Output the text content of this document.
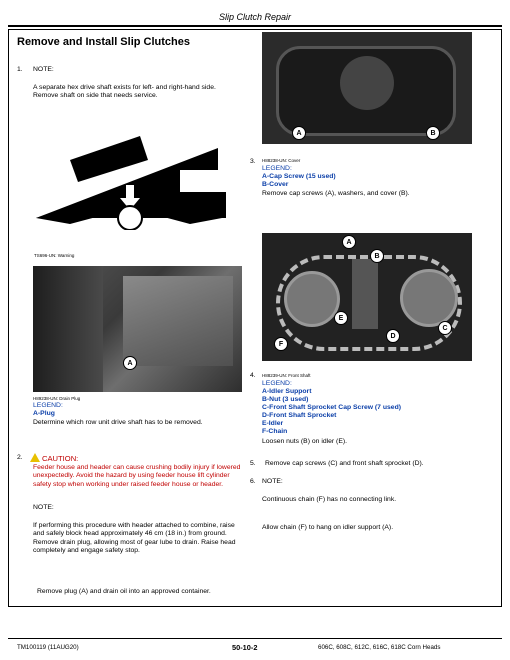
Slip Clutch Repair
Remove and Install Slip Clutches
1. NOTE:
A separate hex drive shaft exists for left- and right-hand side. Remove shaft on side that needs service.
TS696-UN: Warning
A
H89238-UN: Drain Plug
LEGEND:
A-Plug
Determine which row unit drive shaft has to be removed.
2.	CAUTION:
Feeder house and header can cause crushing bodily injury if lowered unexpectedly. Avoid the hazard by using feeder house lift cylinder safety stop when working under raised feeder house or header.
NOTE:
If performing this procedure with header attached to combine, raise and safely block head approximately 46 cm (18 in.) from ground. Remove drain plug, allowing most of gear lube to drain. Raise head completely and engage safety stop.
Remove plug (A) and drain oil into an approved container.
A	B
3. H88238-UN: Cover
LEGEND:
A-Cap Screw (15 used)
B-Cover
Remove cap screws (A), washers, and cover (B).
A
B
E
C
D
F
4. H88239-UN: Front Shaft
LEGEND:
A-Idler Support
B-Nut (3 used)
C-Front Shaft Sprocket Cap Screw (7 used)
D-Front Shaft Sprocket
E-Idler
F-Chain
Loosen nuts (B) on idler (E).
5. Remove cap screws (C) and front shaft sprocket (D).
6. NOTE:
Continuous chain (F) has no connecting link.
Allow chain (F) to hang on idler support (A).
TM100119 (11AUG20)	50-10-2	606C, 608C, 612C, 616C, 618C Corn Heads
